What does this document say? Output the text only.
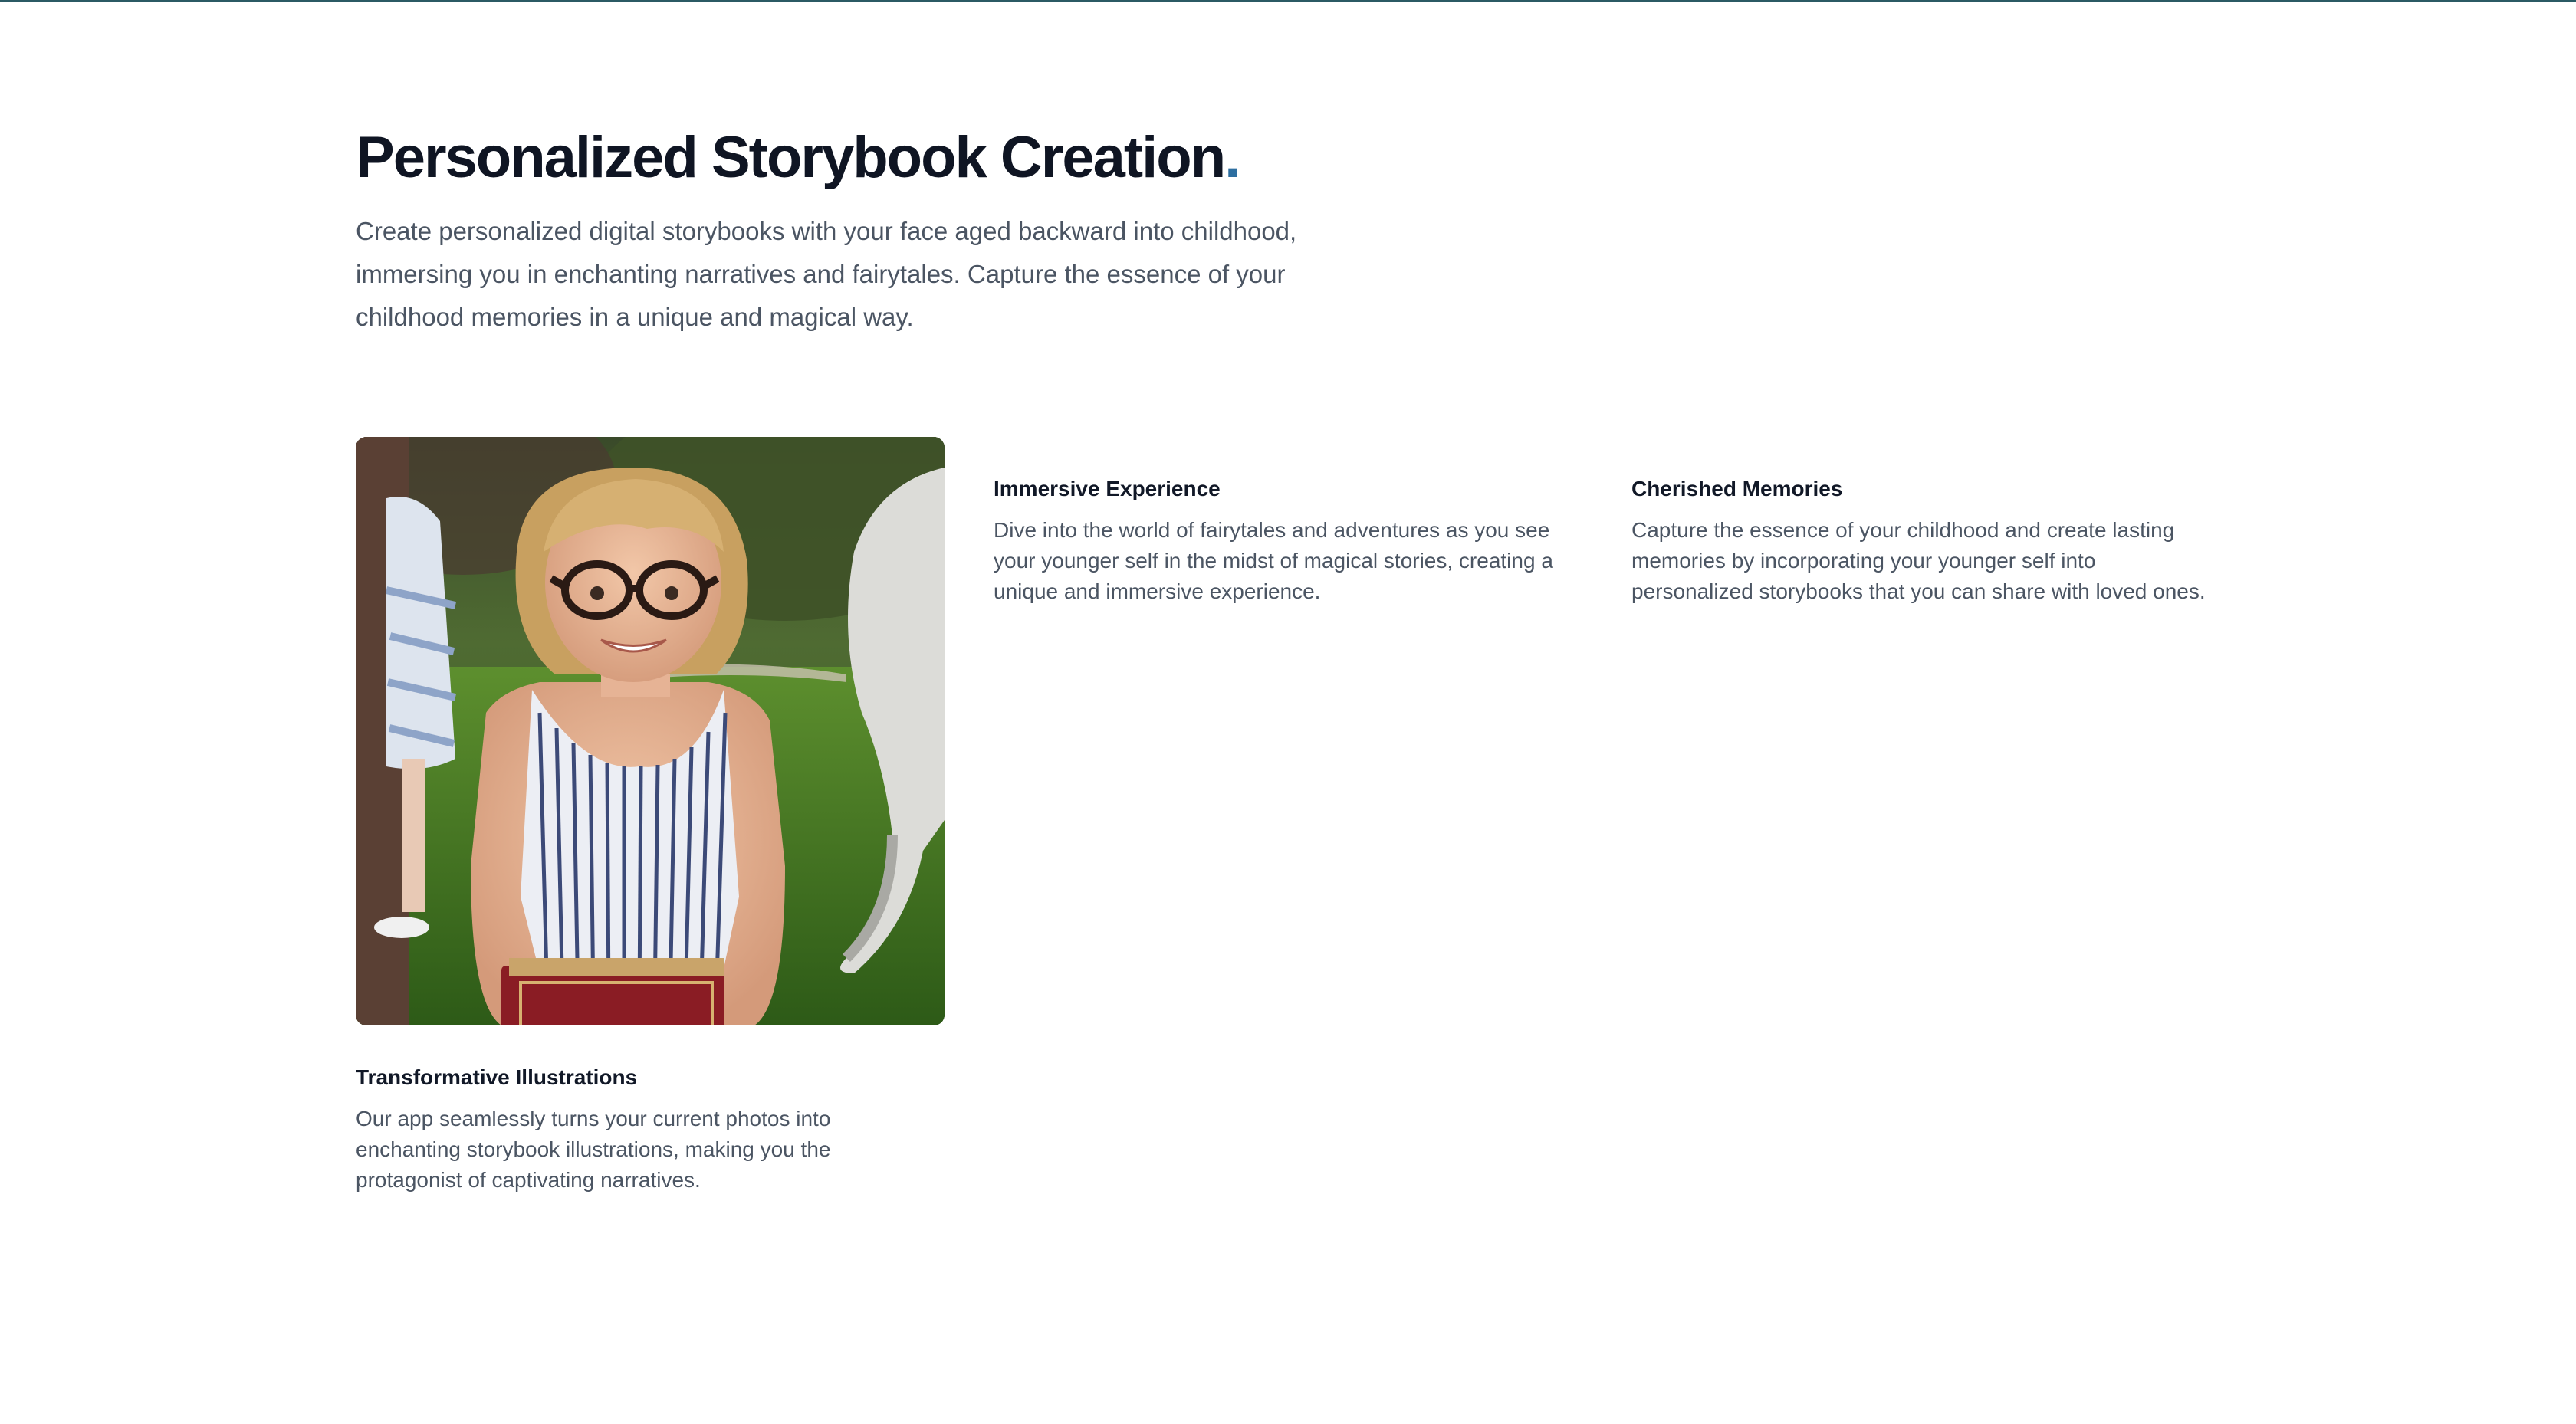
Personalized Storybook Creation.

Create personalized digital storybooks with your face aged backward into childhood, immersing you in enchanting narratives and fairytales. Capture the essence of your childhood memories in a unique and magical way.

Immersive Experience

Dive into the world of fairytales and adventures as you see your younger self in the midst of magical stories, creating a unique and immersive experience.

Cherished Memories

Capture the essence of your childhood and create lasting memories by incorporating your younger self into personalized storybooks that you can share with loved ones.

Transformative Illustrations

Our app seamlessly turns your current photos into enchanting storybook illustrations, making you the protagonist of captivating narratives.
